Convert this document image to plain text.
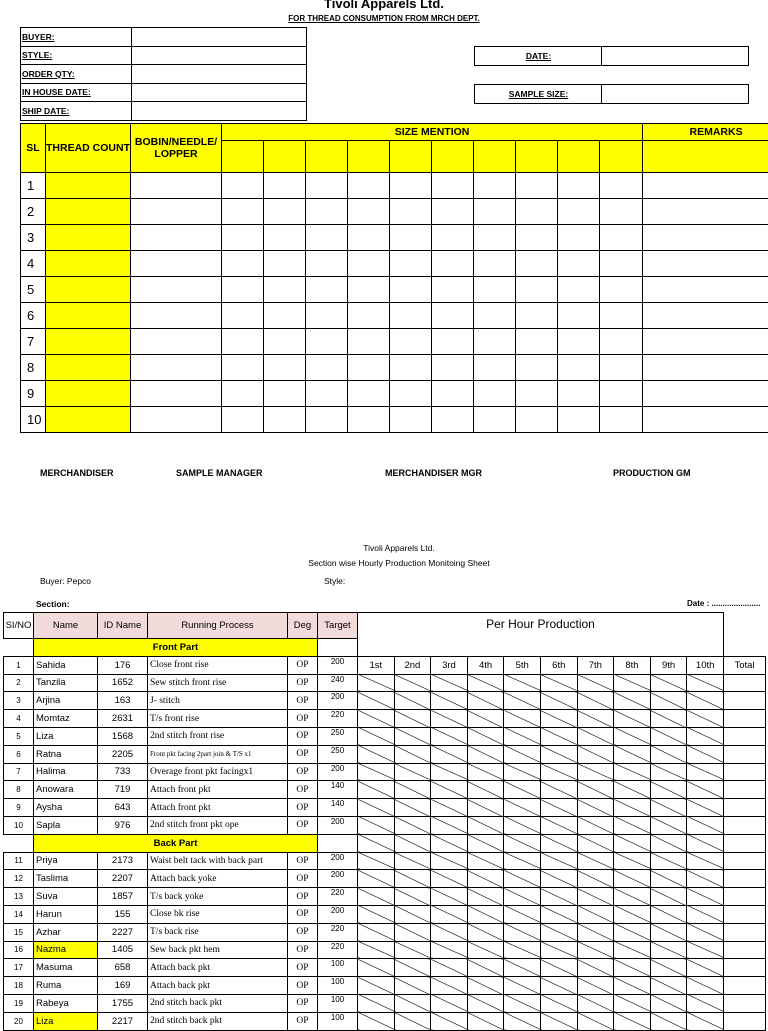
Tivoli Apparels Ltd.
FOR THREAD CONSUMPTION FROM MRCH DEPT.
BUYER:	
STYLE:	
ORDER QTY:	
IN HOUSE DATE:	
SHIP DATE:	
DATE:	
SAMPLE SIZE:	
SL	THREAD COUNT	BOBIN/NEEDLE/ LOPPER	SIZE MENTION										REMARKS

1													
2													
3													
4													
5													
6													
7													
8													
9													
10													
MERCHANDISER	SAMPLE MANAGER	MERCHANDISER MGR	PRODUCTION GM
Tivoli Apparels Ltd.
Section wise Hourly Production Monitoing Sheet
Buyer: Pepco	Style:
Section:	Date : ......................
SI/NO	Name	ID Name	Running Process	Deg	Target	Per Hour Production										
	Front Part															
1	Sahida	176	Close front rise	OP	200	1st	2nd	3rd	4th	5th	6th	7th	8th	9th	10th	Total
2	Tanzila	1652	Sew stitch front rise	OP	240											
3	Arjina	163	J- stitch	OP	200											
4	Momtaz	2631	T/s front rise	OP	220											
5	Liza	1568	2nd stitch front rise	OP	250											
6	Ratna	2205	Front pkt facing 2part join & T/S x1	OP	250											
7	Halima	733	Overage front pkt facingx1	OP	200											
8	Anowara	719	Attach front pkt	OP	140											
9	Aysha	643	Attach front pkt	OP	140											
10	Sapla	976	2nd stitch front pkt ope	OP	200											
	Back Part															
11	Priya	2173	Waist belt tack with back part	OP	200											
12	Taslima	2207	Attach back yoke	OP	200											
13	Suva	1857	T/s back yoke	OP	220											
14	Harun	155	Close bk rise	OP	200											
15	Azhar	2227	T/s back rise	OP	220											
16	Nazma	1405	Sew back pkt hem	OP	220											
17	Masuma	658	Attach back pkt	OP	100											
18	Ruma	169	Attach back pkt	OP	100											
19	Rabeya	1755	2nd stitch back pkt	OP	100											
20	Liza	2217	2nd stitch back pkt	OP	100											
